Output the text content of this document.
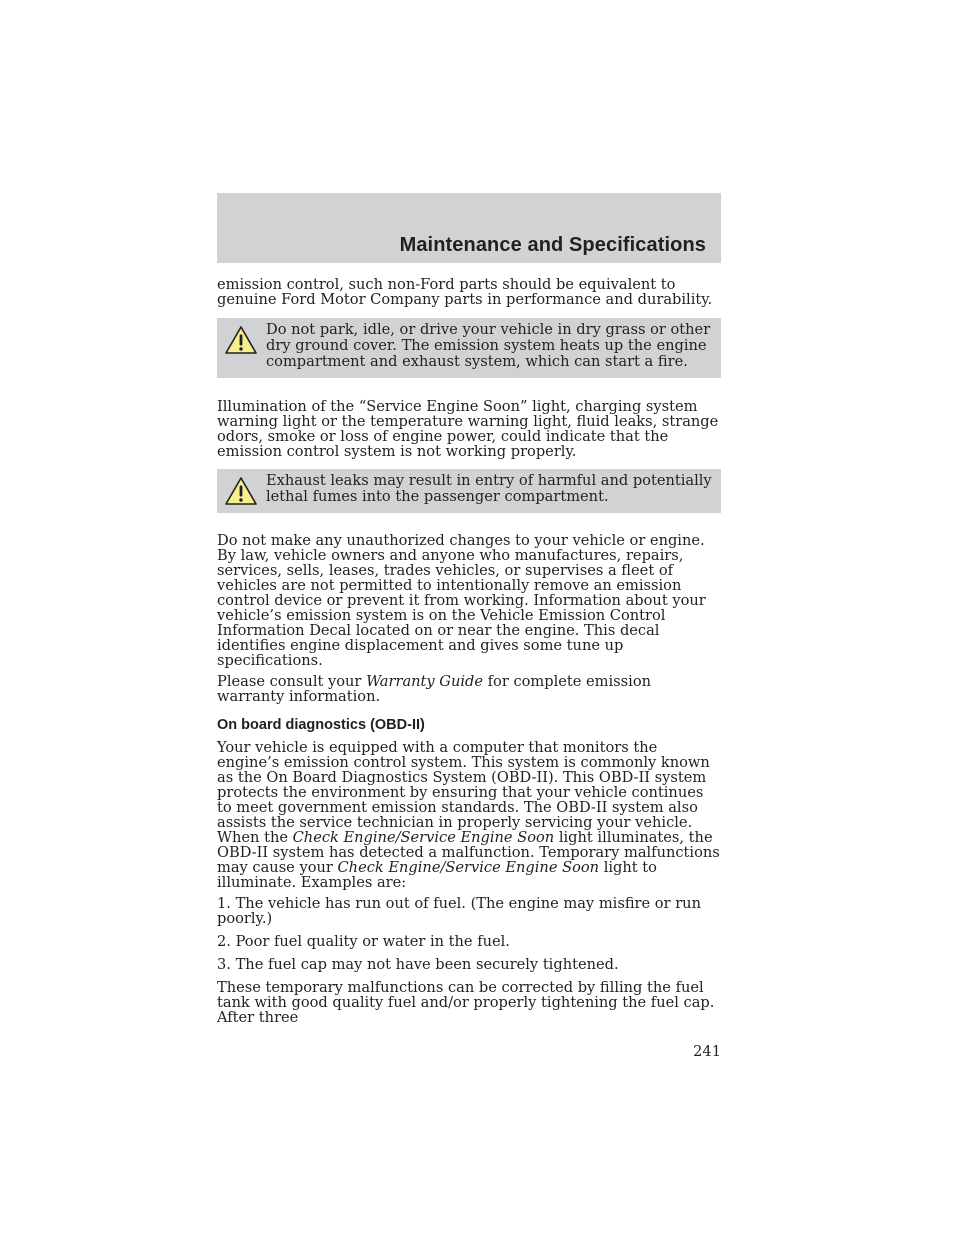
Maintenance and Specifications

emission control, such non-Ford parts should be equivalent to genuine Ford Motor Company parts in performance and durability.

Do not park, idle, or drive your vehicle in dry grass or other dry ground cover. The emission system heats up the engine compartment and exhaust system, which can start a fire.

Illumination of the “Service Engine Soon” light, charging system warning light or the temperature warning light, fluid leaks, strange odors, smoke or loss of engine power, could indicate that the emission control system is not working properly.

Exhaust leaks may result in entry of harmful and potentially lethal fumes into the passenger compartment.

Do not make any unauthorized changes to your vehicle or engine. By law, vehicle owners and anyone who manufactures, repairs, services, sells, leases, trades vehicles, or supervises a fleet of vehicles are not permitted to intentionally remove an emission control device or prevent it from working. Information about your vehicle’s emission system is on the Vehicle Emission Control Information Decal located on or near the engine. This decal identifies engine displacement and gives some tune up specifications.

Please consult your Warranty Guide for complete emission warranty information.

On board diagnostics (OBD-II)

Your vehicle is equipped with a computer that monitors the engine’s emission control system. This system is commonly known as the On Board Diagnostics System (OBD-II). This OBD-II system protects the environment by ensuring that your vehicle continues to meet government emission standards. The OBD-II system also assists the service technician in properly servicing your vehicle. When the Check Engine/Service Engine Soon light illuminates, the OBD-II system has detected a malfunction. Temporary malfunctions may cause your Check Engine/Service Engine Soon light to illuminate. Examples are:

1. The vehicle has run out of fuel. (The engine may misfire or run poorly.)

2. Poor fuel quality or water in the fuel.

3. The fuel cap may not have been securely tightened.

These temporary malfunctions can be corrected by filling the fuel tank with good quality fuel and/or properly tightening the fuel cap. After three

241
